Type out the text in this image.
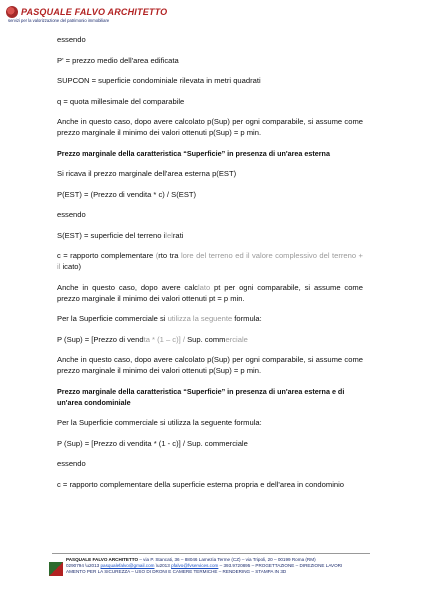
PASQUALE FALVO ARCHITETTO
servizi per la valorizzazione del patrimonio immobiliare
essendo
P' = prezzo medio dell'area edificata
SUPCON = superficie condominiale rilevata in metri quadrati
q = quota millesimale del comparabile
Anche in questo caso, dopo avere calcolato p(Sup) per ogni comparabile, si assume come prezzo marginale il minimo dei valori ottenuti p(Sup) = p min.
Prezzo marginale della caratteristica “Superficie” in presenza di un'area esterna
Si ricava il prezzo marginale dell'area esterna p(EST)
P(EST) = (Prezzo di vendita * c) / S(EST)
essendo
S(EST) = superficie del terreno ilelrati
c = rapporto complementare (rto tra lore del terreno ed il valore complessivo del terreno + il icato)
Anche in questo caso, dopo avere calclato pt per ogni comparabile, si assume come prezzo marginale il minimo dei valori ottenuti pt = p min.
Per la Superficie commerciale si utilizza la seguente formula:
P (Sup) = [Prezzo di vendta * (1 – c)] / Sup. commerciale
Anche in questo caso, dopo avere calcolato p(Sup) per ogni comparabile, si assume come prezzo marginale il minimo dei valori ottenuti p(Sup) = p min.
Prezzo marginale della caratteristica “Superficie” in presenza di un'area esterna e di un'area condominiale
Per la Superficie commerciale si utilizza la seguente formula:
P (Sup) = [Prezzo di vendita * (1 - c)] / Sup. commerciale
essendo
c = rapporto complementare della superficie esterna propria e dell'area in condominio
PASQUALE FALVO ARCHITETTO – via P. Stancati, 36 – 88046 Lamezia Terme (CZ) – via Tripoli, 20 – 00199 Roma (RM)
0290794 \u2013 pasqualefalvo@gmail.com \u2013 pfalvo@fvservices.com – 393.9720895 – PROGETTAZIONE – DIREZIONE LAVORI
AMENTO PER LA SICUREZZA – USO DI DRONI E CAMERE TERMICHE – RENDERING – STAMPA IN 3D
